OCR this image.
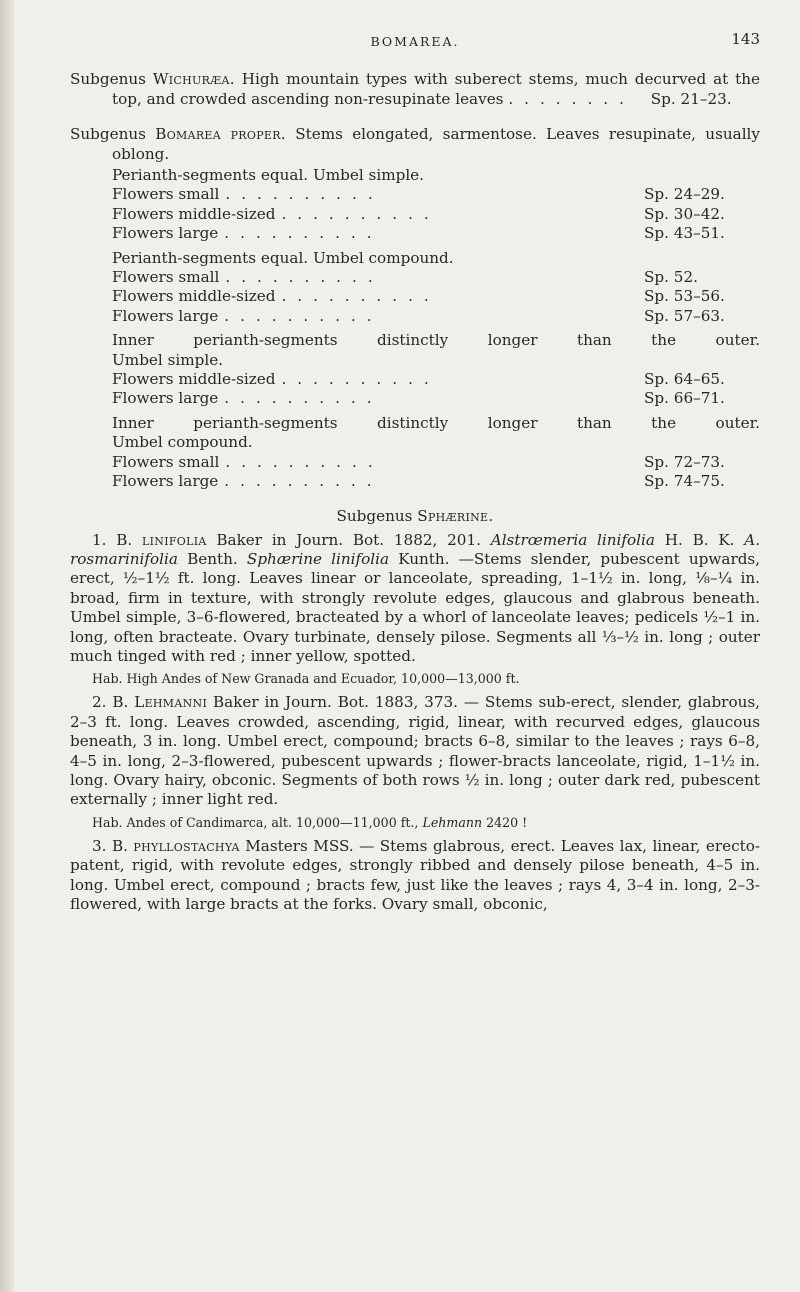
BOMAREA.	143

Subgenus Wichuræa. High mountain types with suberect stems, much decurved at the top, and crowded ascending non-resupinate leaves ........ Sp. 21–23.

Subgenus Bomarea proper. Stems elongated, sarmentose. Leaves resupinate, usually oblong.

Perianth-segments equal. Umbel simple.
Flowers small ..........	Sp. 24–29.
Flowers middle-sized ..........	Sp. 30–42.
Flowers large ..........	Sp. 43–51.
Perianth-segments equal. Umbel compound.
Flowers small ..........	Sp. 52.
Flowers middle-sized ..........	Sp. 53–56.
Flowers large ..........	Sp. 57–63.
Inner perianth-segments distinctly longer than the outer.
Umbel simple.
Flowers middle-sized ..........	Sp. 64–65.
Flowers large ..........	Sp. 66–71.
Inner perianth-segments distinctly longer than the outer.
Umbel compound.
Flowers small ..........	Sp. 72–73.
Flowers large ..........	Sp. 74–75.
Subgenus Sphærine.

1. B. linifolia Baker in Journ. Bot. 1882, 201. Alstrœmeria linifolia H. B. K. A. rosmarinifolia Benth. Sphærine linifolia Kunth. —Stems slender, pubescent upwards, erect, ½–1½ ft. long. Leaves linear or lanceolate, spreading, 1–1½ in. long, ⅛–¼ in. broad, firm in texture, with strongly revolute edges, glaucous and glabrous beneath. Umbel simple, 3–6-flowered, bracteated by a whorl of lanceolate leaves; pedicels ½–1 in. long, often bracteate. Ovary turbinate, densely pilose. Segments all ⅓–½ in. long ; outer much tinged with red ; inner yellow, spotted.

Hab. High Andes of New Granada and Ecuador, 10,000—13,000 ft.

2. B. Lehmanni Baker in Journ. Bot. 1883, 373. — Stems sub-erect, slender, glabrous, 2–3 ft. long. Leaves crowded, ascending, rigid, linear, with recurved edges, glaucous beneath, 3 in. long. Umbel erect, compound; bracts 6–8, similar to the leaves ; rays 6–8, 4–5 in. long, 2–3-flowered, pubescent upwards ; flower-bracts lanceolate, rigid, 1–1½ in. long. Ovary hairy, obconic. Segments of both rows ½ in. long ; outer dark red, pubescent externally ; inner light red.

Hab. Andes of Candimarca, alt. 10,000—11,000 ft., Lehmann 2420 !

3. B. phyllostachya Masters MSS. — Stems glabrous, erect. Leaves lax, linear, erecto-patent, rigid, with revolute edges, strongly ribbed and densely pilose beneath, 4–5 in. long. Umbel erect, compound ; bracts few, just like the leaves ; rays 4, 3–4 in. long, 2–3-flowered, with large bracts at the forks. Ovary small, obconic,
